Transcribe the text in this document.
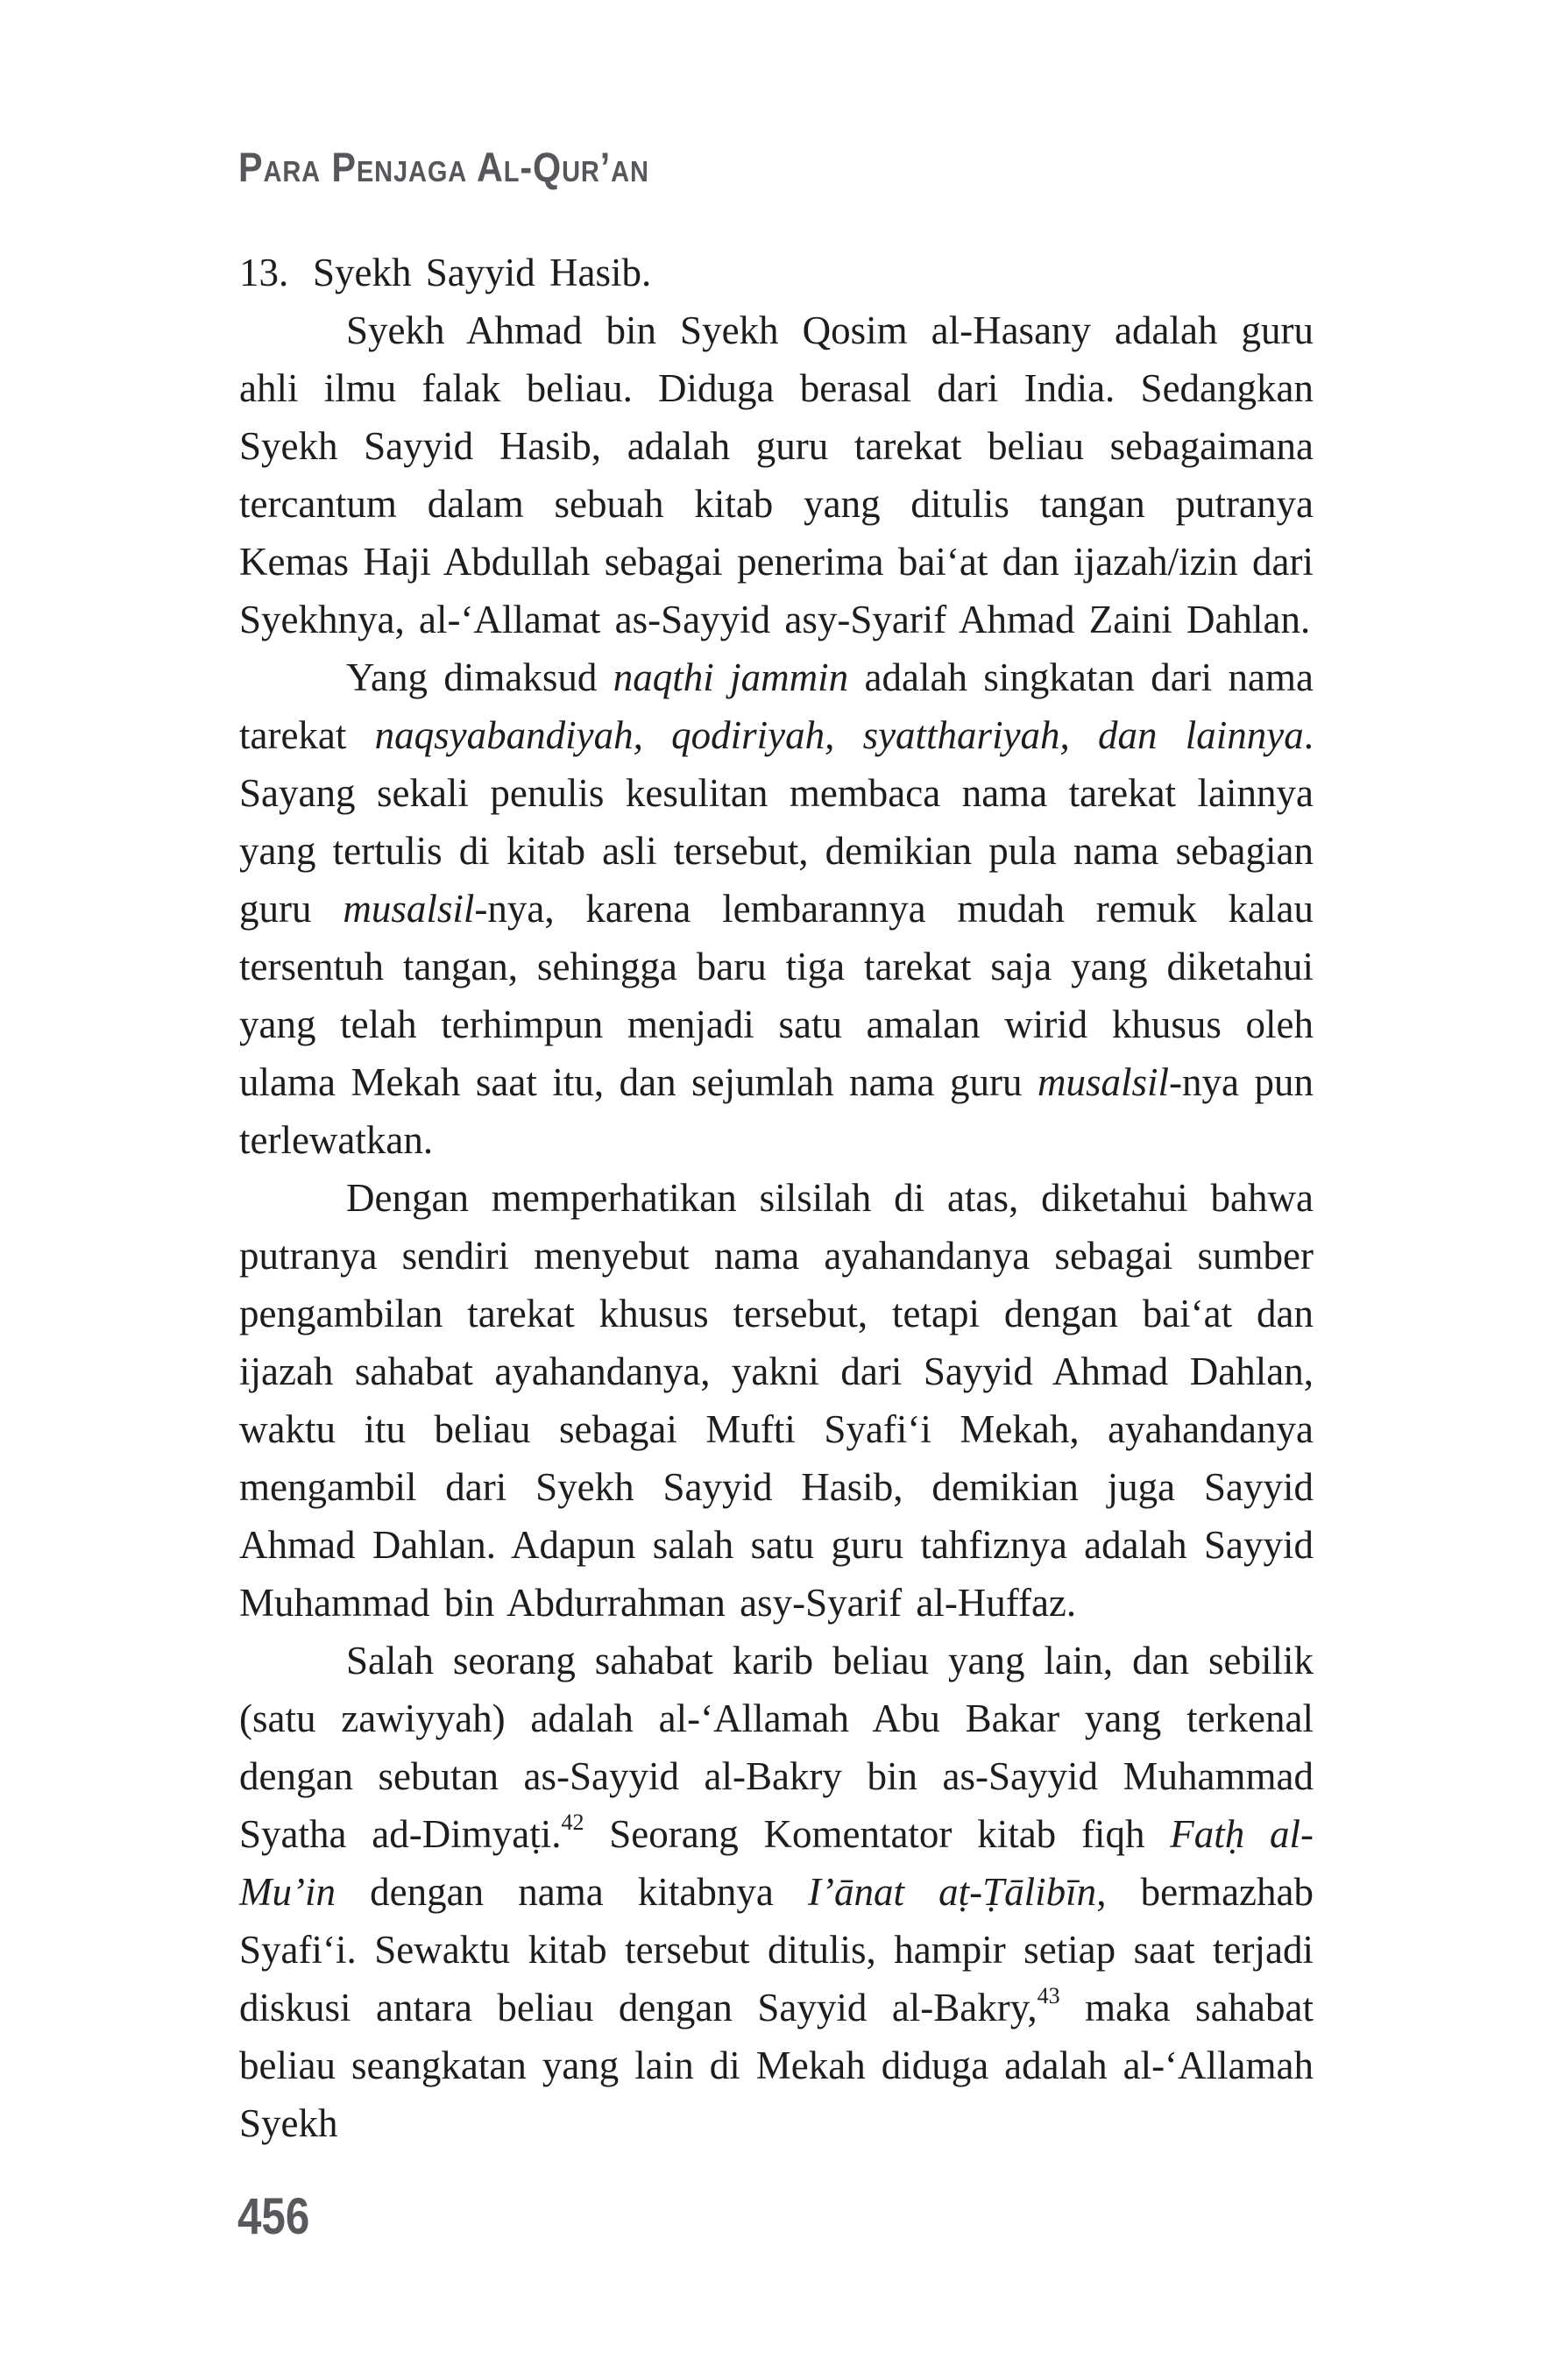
Para Penjaga Al-Qur’an
13. Syekh Sayyid Hasib.

Syekh Ahmad bin Syekh Qosim al-Hasany adalah guru ahli ilmu falak beliau. Diduga berasal dari India. Sedangkan Syekh Sayyid Hasib, adalah guru tarekat beliau sebagaimana tercantum dalam sebuah kitab yang ditulis tangan putranya Kemas Haji Abdullah sebagai penerima bai‘at dan ijazah/izin dari Syekhnya, al-‘Allamat as-Sayyid asy-Syarif Ahmad Zaini Dahlan.

Yang dimaksud naqthi jammin adalah singkatan dari nama tarekat naqsyabandiyah, qodiriyah, syatthariyah, dan lainnya. Sayang sekali penulis kesulitan membaca nama tarekat lainnya yang tertulis di kitab asli tersebut, demikian pula nama sebagian guru musalsil-nya, karena lembarannya mudah remuk kalau tersentuh tangan, sehingga baru tiga tarekat saja yang diketahui yang telah terhimpun menjadi satu amalan wirid khusus oleh ulama Mekah saat itu, dan sejumlah nama guru musalsil-nya pun terlewatkan.

Dengan memperhatikan silsilah di atas, diketahui bahwa putranya sendiri menyebut nama ayahandanya sebagai sumber pengambilan tarekat khusus tersebut, tetapi dengan bai‘at dan ijazah sahabat ayahandanya, yakni dari Sayyid Ahmad Dahlan, waktu itu beliau sebagai Mufti Syafi‘i Mekah, ayahandanya mengambil dari Syekh Sayyid Hasib, demikian juga Sayyid Ahmad Dahlan. Adapun salah satu guru tahfiznya adalah Sayyid Muhammad bin Abdurrahman asy-Syarif al-Huffaz.

Salah seorang sahabat karib beliau yang lain, dan sebilik (satu zawiyyah) adalah al-‘Allamah Abu Bakar yang terkenal dengan sebutan as-Sayyid al-Bakry bin as-Sayyid Muhammad Syatha ad-Dimyaṭi.$^{42}$ Seorang Komentator kitab fiqh Fatḥ al-Mu’in dengan nama kitabnya I’ānat aṭ-Ṭālibīn, bermazhab Syafi‘i. Sewaktu kitab tersebut ditulis, hampir setiap saat terjadi diskusi antara beliau dengan Sayyid al-Bakry,$^{43}$ maka sahabat beliau seangkatan yang lain di Mekah diduga adalah al-‘Allamah Syekh

456
